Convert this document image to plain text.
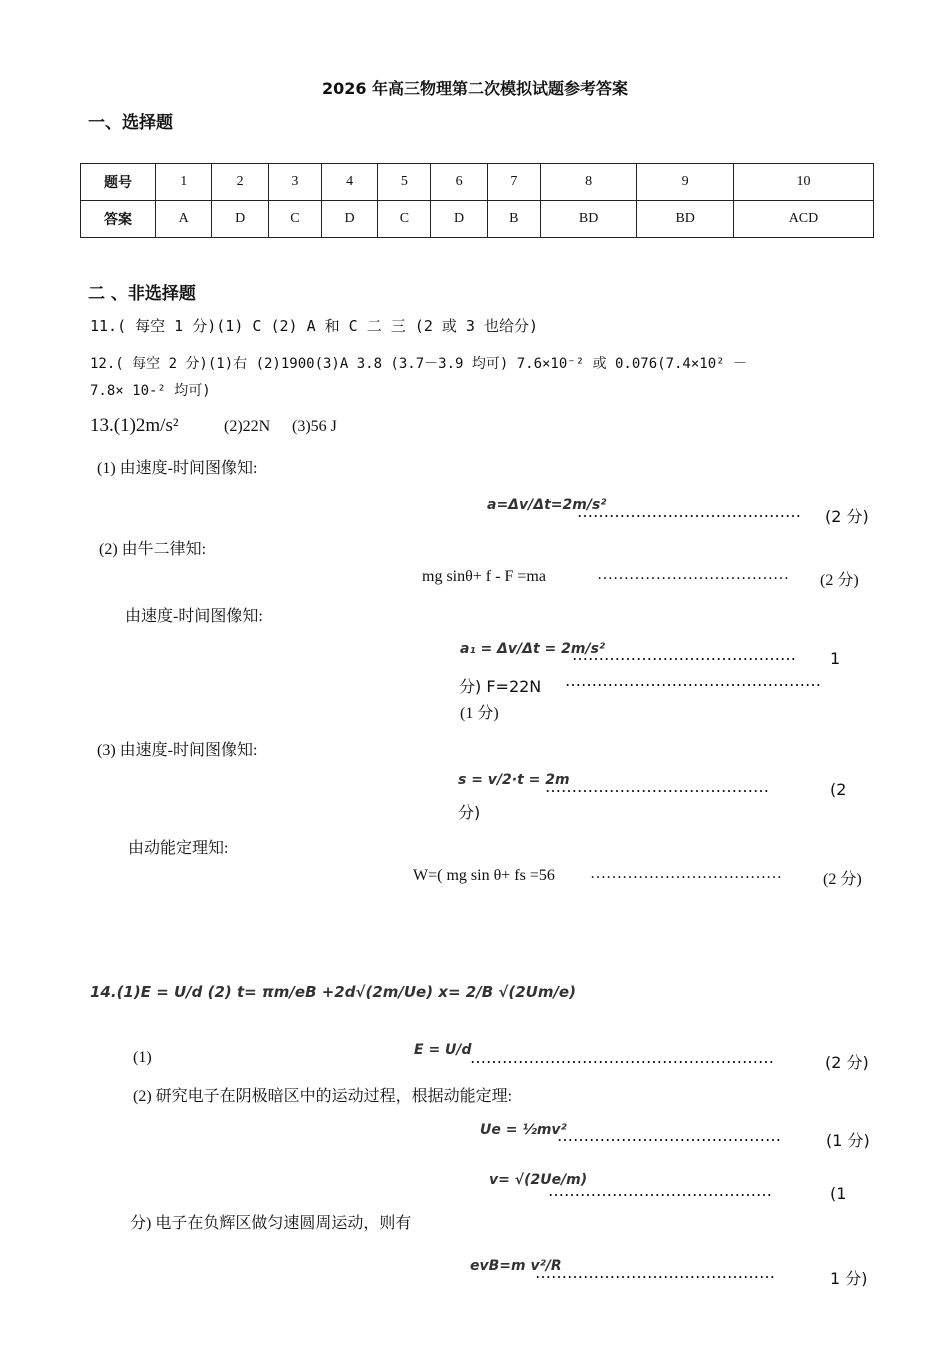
2026 年高三物理第二次模拟试题参考答案
一、选择题
题号	1	2	3	4	5	6	7	8	9	10
答案	A	D	C	D	C	D	B	BD	BD	ACD
二 、非选择题
11.( 每空 1 分)(1) C (2) A 和 C 二 三 (2 或 3 也给分)
12.( 每空 2 分)(1)右 (2)1900(3)A 3.8 (3.7－3.9 均可) 7.6×10⁻² 或 0.076(7.4×10² －
7.8× 10-² 均可)
13.(1)2m/s²	(2)22N (3)56 J
(1) 由速度-时间图像知:
a=Δv/Δt=2m/s²
…………………………………… (2 分)
(2) 由牛二律知:
mg sinθ+ f - F =ma	……………………………… (2 分)
由速度-时间图像知:
a₁ = Δv/Δt = 2m/s²
…………………………………… 1
分) F=22N …………………………………………
(1 分)
(3) 由速度-时间图像知:
s = v/2·t = 2m
……………………………………	(2
分)
由动能定理知:
W=( mg sin θ+ fs =56 ………………………………	(2 分)
14.(1)E = U/d (2) t= πm/eB +2d√(2m/Ue) x= 2/B √(2Um/e)
(1)	E = U/d
…………………………………………………	(2 分)
(2) 研究电子在阴极暗区中的运动过程，根据动能定理:
Ue = ½mv²
……………………………………	(1 分)
v= √(2Ue/m)
……………………………………	(1
分) 电子在负辉区做匀速圆周运动，则有
evB=m v²/R
………………………………………	1 分)
